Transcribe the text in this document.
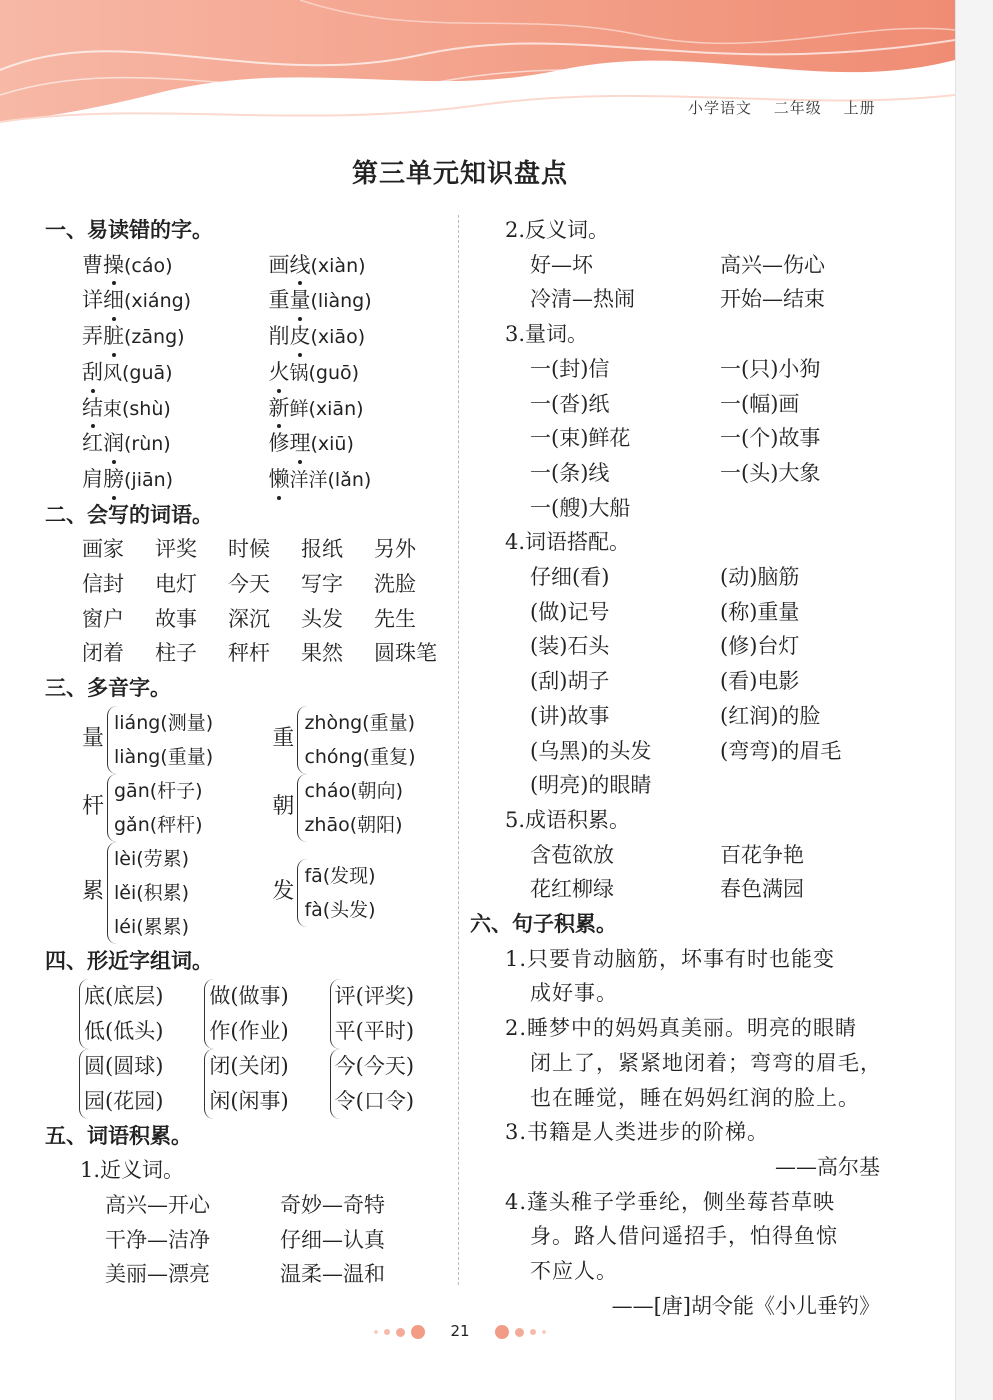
小学语文 二年级 上册
第三单元知识盘点
一、易读错的字。
曹操(cáo)	画线(xiàn)
详细(xiáng)	重量(liàng)
弄脏(zāng)	削皮(xiāo)
刮风(guā)	火锅(guō)
结束(shù)	新鲜(xiān)
红润(rùn)	修理(xiū)
肩膀(jiān)	懒洋洋(lǎn)
二、会写的词语。
画家	评奖	时候	报纸	另外
信封	电灯	今天	写字	洗脸
窗户	故事	深沉	头发	先生
闭着	柱子	秤杆	果然	圆珠笔
三、多音字。
量
liáng(测量)
liàng(重量)
重
zhòng(重量)
chóng(重复)
杆
gān(杆子)
gǎn(秤杆)
朝
cháo(朝向)
zhāo(朝阳)
累
lèi(劳累)
lěi(积累)
léi(累累)
发
fā(发现)
fà(头发)
四、形近字组词。
底(底层)
低(低头)
做(做事)
作(作业)
评(评奖)
平(平时)
圆(圆球)
园(花园)
闭(关闭)
闲(闲事)
今(今天)
令(口令)
五、词语积累。
1.近义词。
高兴—开心	奇妙—奇特
干净—洁净	仔细—认真
美丽—漂亮	温柔—温和
2.反义词。
好—坏	高兴—伤心
冷清—热闹	开始—结束
3.量词。
一(封)信	一(只)小狗
一(沓)纸	一(幅)画
一(束)鲜花	一(个)故事
一(条)线	一(头)大象
一(艘)大船
4.词语搭配。
仔细(看)	(动)脑筋
(做)记号	(称)重量
(装)石头	(修)台灯
(刮)胡子	(看)电影
(讲)故事	(红润)的脸
(乌黑)的头发	(弯弯)的眉毛
(明亮)的眼睛
5.成语积累。
含苞欲放	百花争艳
花红柳绿	春色满园
六、句子积累。
1.只要肯动脑筋，坏事有时也能变
成好事。
2.睡梦中的妈妈真美丽。明亮的眼睛
闭上了，紧紧地闭着；弯弯的眉毛，
也在睡觉，睡在妈妈红润的脸上。
3.书籍是人类进步的阶梯。
——高尔基
4.蓬头稚子学垂纶，侧坐莓苔草映
身。路人借问遥招手，怕得鱼惊
不应人。
——[唐]胡令能《小儿垂钓》
21
